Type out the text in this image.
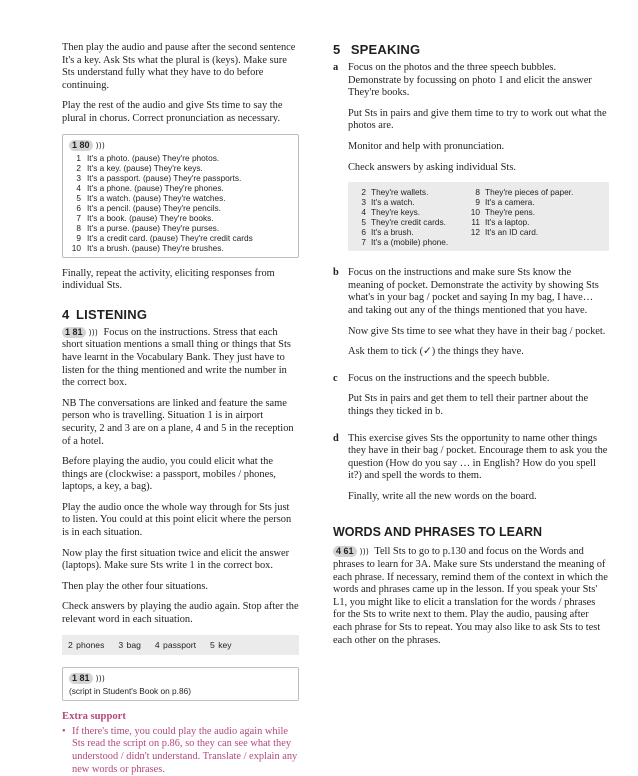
Then play the audio and pause after the second sentence It's a key. Ask Sts what the plural is (keys). Make sure Sts understand fully what they have to do before continuing.

Play the rest of the audio and give Sts time to say the plural in chorus. Correct pronunciation as necessary.

1 80 )))
1 It's a photo. (pause) They're photos.
2 It's a key. (pause) They're keys.
3 It's a passport. (pause) They're passports.
4 It's a phone. (pause) They're phones.
5 It's a watch. (pause) They're watches.
6 It's a pencil. (pause) They're pencils.
7 It's a book. (pause) They're books.
8 It's a purse. (pause) They're purses.
9 It's a credit card. (pause) They're credit cards
10 It's a brush. (pause) They're brushes.

Finally, repeat the activity, eliciting responses from individual Sts.

4 LISTENING

1 81 ))) Focus on the instructions. Stress that each short situation mentions a small thing or things that Sts have learnt in the Vocabulary Bank. They just have to listen for the thing mentioned and write the number in the correct box.

NB The conversations are linked and feature the same person who is travelling. Situation 1 is in airport security, 2 and 3 are on a plane, 4 and 5 in the reception of a hotel.

Before playing the audio, you could elicit what the things are (clockwise: a passport, mobiles / phones, laptops, a key, a bag).

Play the audio once the whole way through for Sts just to listen. You could at this point elicit where the person is in each situation.

Now play the first situation twice and elicit the answer (laptops). Make sure Sts write 1 in the correct box.

Then play the other four situations.

Check answers by playing the audio again. Stop after the relevant word in each situation.

2 phones 3 bag 4 passport 5 key
1 81 )))
(script in Student's Book on p.86)
Extra support
• If there's time, you could play the audio again while Sts read the script on p.86, so they can see what they understood / didn't understand. Translate / explain any new words or phrases.
5 SPEAKING
a Focus on the photos and the three speech bubbles. Demonstrate by focussing on photo 1 and elicit the answer They're books.

Put Sts in pairs and give them time to try to work out what the photos are.

Monitor and help with pronunciation.

Check answers by asking individual Sts.

2 They're wallets.	8 They're pieces of paper.
3 It's a watch.	9 It's a camera.
4 They're keys.	10 They're pens.
5 They're credit cards.	11 It's a laptop.
6 It's a brush.	12 It's an ID card.
7 It's a (mobile) phone.
b Focus on the instructions and make sure Sts know the meaning of pocket. Demonstrate the activity by showing Sts what's in your bag / pocket and saying In my bag, I have… and taking out any of the things mentioned that you have.

Now give Sts time to see what they have in their bag / pocket.

Ask them to tick (✓) the things they have.

c Focus on the instructions and the speech bubble.

Put Sts in pairs and get them to tell their partner about the things they ticked in b.

d This exercise gives Sts the opportunity to name other things they have in their bag / pocket. Encourage them to ask you the question (How do you say … in English? How do you spell it?) and spell the words to them.

Finally, write all the new words on the board.

WORDS AND PHRASES TO LEARN

4 61 ))) Tell Sts to go to p.130 and focus on the Words and phrases to learn for 3A. Make sure Sts understand the meaning of each phrase. If necessary, remind them of the context in which the words and phrases came up in the lesson. If you speak your Sts' L1, you might like to elicit a translation for the words / phrases for the Sts to write next to them. Play the audio, pausing after each phrase for Sts to repeat. You may also like to ask Sts to test each other on the phrases.
